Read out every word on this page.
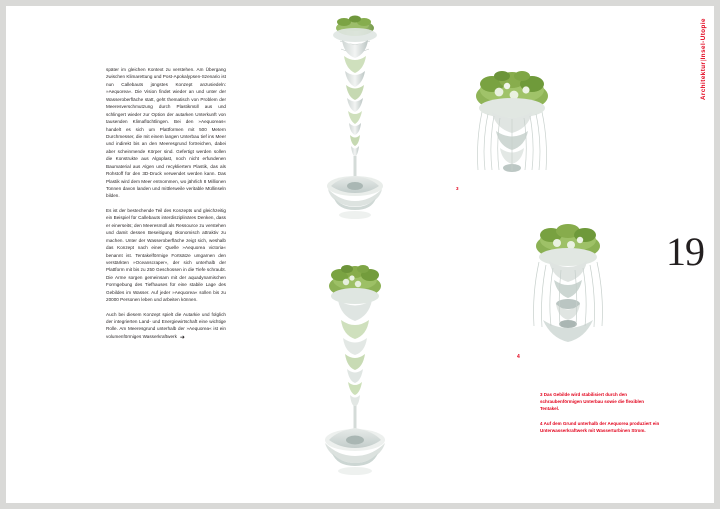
später im gleichen Kontext zu verstehen. Am Übergang zwischen Klimarettung und Post-Apokalypsen-Szenario ist nun Callebauts jüngstes Konzept anzusiedeln: »Aequorea«. Die Vision findet wieder an und unter der Wasseroberfläche statt, geht thematisch von Problem der Meeresverschmutzung durch Plastikmüll aus und schlingert wieder zur Option der autarken Unterkunft von tausenden Klimaflüchtlingen. Bei den »Aequoreas« handelt es sich um Plattformen mit 500 Metern Durchmesser, die mit einem langen Unterbau tief ins Meer und indirekt bis an den Meeresgrund fortreichen, dabei aber scheinmende Körper sind. Gefertigt werden sollen die Konstrukte aus Algoplast, noch nicht erfundenen Baumaterial aus Algen und recykliertem Plastik, das als Rohstoff für den 3D-Druck verwendet werden kann. Das Plastik wird dem Meer entnommen, wo jährlich 8 Millionen Tonnen davon landen und mittlerweile veritable Müllinseln bilden.

Es ist der bestechende Teil des Konzepts und gleichzeitig ein Beispiel für Callebauts interdisziplinäres Denken, dass er einerseits; den Meeresmüll als Ressource zu verstehen und damit dessen Beseitigung ökonomisch attraktiv zu machen. Unter der Wasseroberfläche zeigt sich, weshalb das Konzept nach einer Quelle »Aequorea victoria« benannt ist. Tentakelförmige Fortsätze umgarnen den verstärkten »Oceanscraper«, der sich unterhalb der Plattform mit bis zu 250 Geschossen in die Tiefe schraubt. Die Arme sorgen gemeinsam mit der aquadynamischen Formgebung des Tiefhauses für eine stabile Lage des Gebildes im Wasser. Auf jeder »Aequorea« sollen bis zu 20000 Personen leben und arbeiten können.

Auch bei diesem Konzept spielt die Autarkie und folglich der integrierten Land- und Energiewirtschaft eine wichtige Rolle. Am Meeresgrund unterhalb der »Aequorea« ist ein volumenförmiges Wasserkraftwerk ➜

Architektur|Insel-Utopie
19
3
4
3 Das Gebilde wird stabilisiert durch den schraubenförmigen Unterbau sowie die flexiblen Tentakel.
4 Auf dem Grund unterhalb der Aequorea produziert ein Unterwasserkraftwerk mit Wasserturbinen Strom.
